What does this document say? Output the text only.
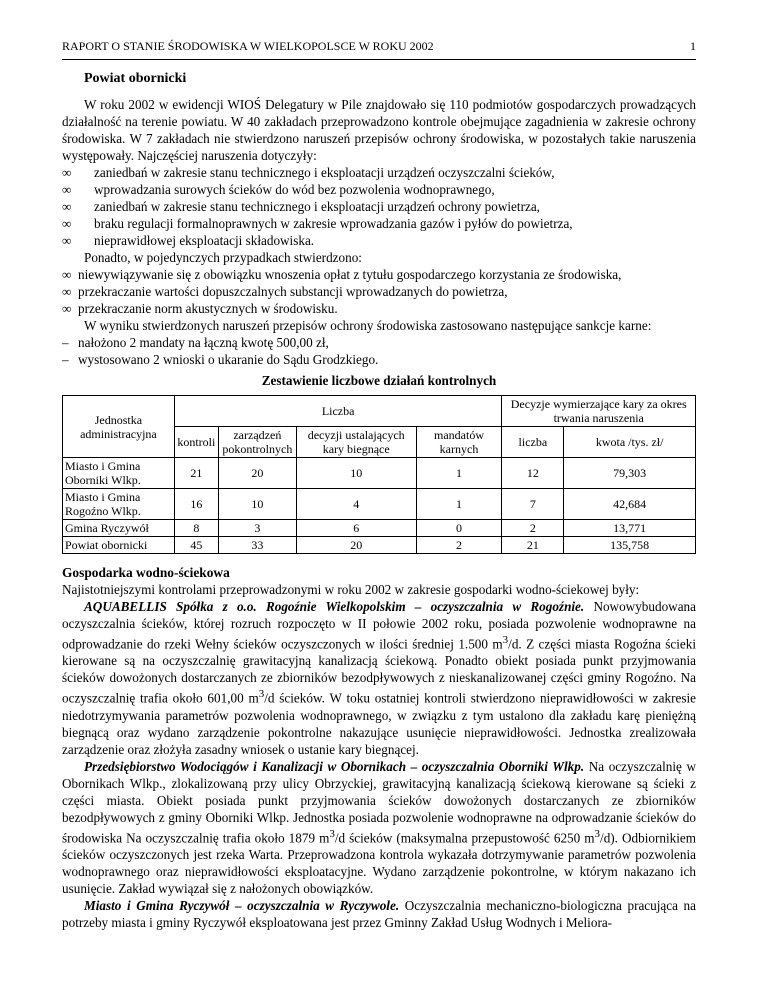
RAPORT O STANIE ŚRODOWISKA W WIELKOPOLSCE W ROKU 2002	1
Powiat obornicki

W roku 2002 w ewidencji WIOŚ Delegatury w Pile znajdowało się 110 podmiotów gospodarczych prowadzących działalność na terenie powiatu. W 40 zakładach przeprowadzono kontrole obejmujące zagadnienia w zakresie ochrony środowiska. W 7 zakładach nie stwierdzono naruszeń przepisów ochrony środowiska, w pozostałych takie naruszenia występowały. Najczęściej naruszenia dotyczyły:

∞ zaniedbań w zakresie stanu technicznego i eksploatacji urządzeń oczyszczalni ścieków,
∞ wprowadzania surowych ścieków do wód bez pozwolenia wodnoprawnego,
∞ zaniedbań w zakresie stanu technicznego i eksploatacji urządzeń ochrony powietrza,
∞ braku regulacji formalnoprawnych w zakresie wprowadzania gazów i pyłów do powietrza,
∞ nieprawidłowej eksploatacji składowiska.

Ponadto, w pojedynczych przypadkach stwierdzono:

∞ niewywiązywanie się z obowiązku wnoszenia opłat z tytułu gospodarczego korzystania ze środowiska,
∞ przekraczanie wartości dopuszczalnych substancji wprowadzanych do powietrza,
∞ przekraczanie norm akustycznych w środowisku.

W wyniku stwierdzonych naruszeń przepisów ochrony środowiska zastosowano następujące sankcje karne:

– nałożono 2 mandaty na łączną kwotę 500,00 zł,
– wystosowano 2 wnioski o ukaranie do Sądu Grodzkiego.
Zestawienie liczbowe działań kontrolnych
Jednostka administracyjna	Liczba				Decyzje wymierzające kary za okres trwania naruszenia	
	kontroli	zarządzeń pokontrolnych	decyzji ustalających kary biegnące	mandatów karnych	liczba	kwota /tys. zł/
Miasto i Gmina Oborniki Wlkp.	21	20	10	1	12	79,303
Miasto i Gmina Rogoźno Wlkp.	16	10	4	1	7	42,684
Gmina Ryczywół	8	3	6	0	2	13,771
Powiat obornicki	45	33	20	2	21	135,758
Gospodarka wodno-ściekowa

Najistotniejszymi kontrolami przeprowadzonymi w roku 2002 w zakresie gospodarki wodno-ściekowej były:

AQUABELLIS Spółka z o.o. Rogoźnie Wielkopolskim – oczyszczalnia w Rogoźnie. Nowowybudowana oczyszczalnia ścieków, której rozruch rozpoczęto w II połowie 2002 roku, posiada pozwolenie wodnoprawne na odprowadzanie do rzeki Wełny ścieków oczyszczonych w ilości średniej 1.500 $m^3/d$. Z części miasta Rogoźna ścieki kierowane są na oczyszczalnię grawitacyjną kanalizacją ściekową. Ponadto obiekt posiada punkt przyjmowania ścieków dowożonych dostarczanych ze zbiorników bezodpływowych z nieskanalizowanej części gminy Rogoźno. Na oczyszczalnię trafia około 601,00 $m^3/d$ ścieków. W toku ostatniej kontroli stwierdzono nieprawidłowości w zakresie niedotrzymywania parametrów pozwolenia wodnoprawnego, w związku z tym ustalono dla zakładu karę pieniężną biegnącą oraz wydano zarządzenie pokontrolne nakazujące usunięcie nieprawidłowości. Jednostka zrealizowała zarządzenie oraz złożyła zasadny wniosek o ustanie kary biegnącej.

Przedsiębiorstwo Wodociągów i Kanalizacji w Obornikach – oczyszczalnia Oborniki Wlkp. Na oczyszczalnię w Obornikach Wlkp., zlokalizowaną przy ulicy Obrzyckiej, grawitacyjną kanalizacją ściekową kierowane są ścieki z części miasta. Obiekt posiada punkt przyjmowania ścieków dowożonych dostarczanych ze zbiorników bezodpływowych z gminy Oborniki Wlkp. Jednostka posiada pozwolenie wodnoprawne na odprowadzanie ścieków do środowiska Na oczyszczalnię trafia około 1879 $m^3/d$ ścieków (maksymalna przepustowość 6250 $m^3/d$). Odbiornikiem ścieków oczyszczonych jest rzeka Warta. Przeprowadzona kontrola wykazała dotrzymywanie parametrów pozwolenia wodnoprawnego oraz nieprawidłowości eksploatacyjne. Wydano zarządzenie pokontrolne, w którym nakazano ich usunięcie. Zakład wywiązał się z nałożonych obowiązków.

Miasto i Gmina Ryczywół – oczyszczalnia w Ryczywole. Oczyszczalnia mechaniczno-biologiczna pracująca na potrzeby miasta i gminy Ryczywół eksploatowana jest przez Gminny Zakład Usług Wodnych i Meliora-
